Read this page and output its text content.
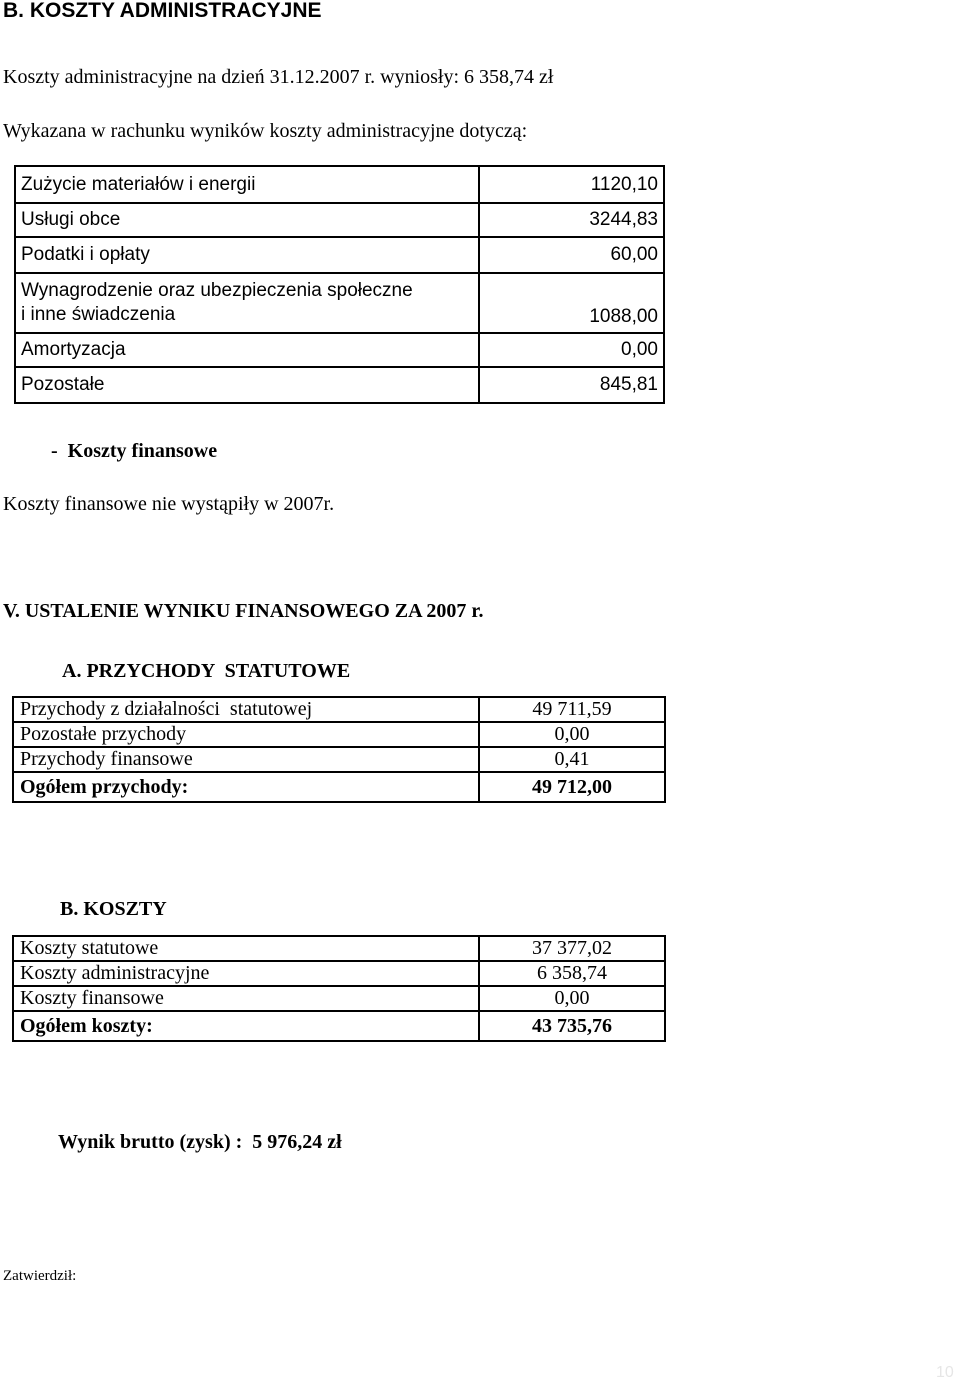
B. KOSZTY ADMINISTRACYJNE
Koszty administracyjne na dzień 31.12.2007 r. wyniosły: 6 358,74 zł
Wykazana w rachunku wyników koszty administracyjne dotyczą:
Zużycie materiałów i energii	1120,10
Usługi obce	3244,83
Podatki i opłaty	60,00

Wynagrodzenie oraz ubezpieczenia społeczne
i inne świadczenia	1088,00
Amortyzacja	0,00
Pozostałe	845,81
-  Koszty finansowe
Koszty finansowe nie wystąpiły w 2007r.
V. USTALENIE WYNIKU FINANSOWEGO ZA 2007 r.
A. PRZYCHODY  STATUTOWE
Przychody z działalności  statutowej	49 711,59
Pozostałe przychody	0,00
Przychody finansowe	0,41
Ogółem przychody:	49 712,00
B. KOSZTY
Koszty statutowe	37 377,02
Koszty administracyjne	6 358,74
Koszty finansowe	0,00
Ogółem koszty:	43 735,76
Wynik brutto (zysk) :  5 976,24 zł
Zatwierdził:
10
